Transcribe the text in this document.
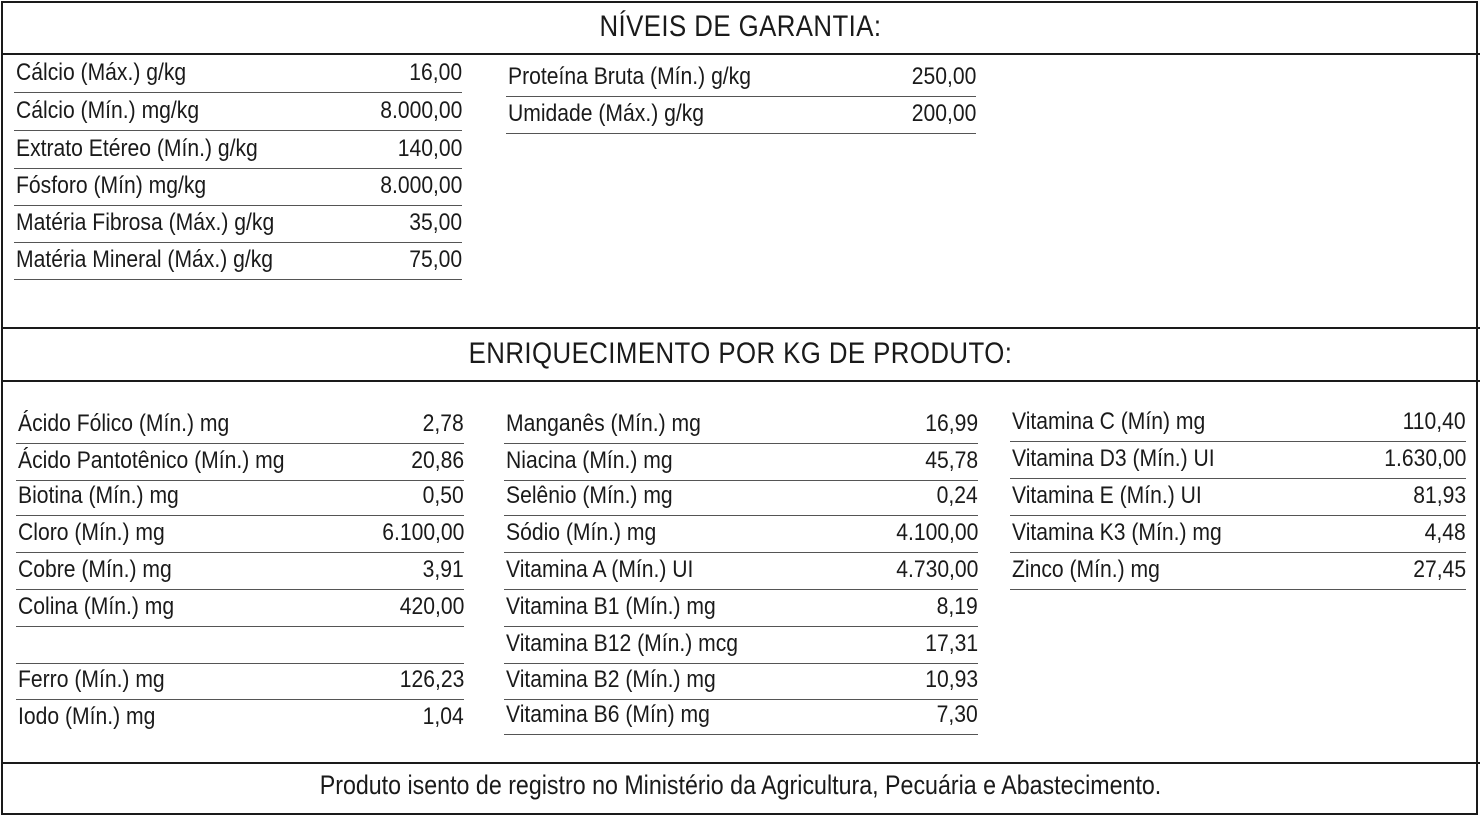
NÍVEIS DE GARANTIA:
Cálcio (Máx.) g/kg	16,00
Cálcio (Mín.) mg/kg	8.000,00
Extrato Etéreo (Mín.) g/kg	140,00
Fósforo (Mín) mg/kg	8.000,00
Matéria Fibrosa (Máx.) g/kg	35,00
Matéria Mineral (Máx.) g/kg	75,00
Proteína Bruta (Mín.) g/kg	250,00
Umidade (Máx.) g/kg	200,00
ENRIQUECIMENTO POR KG DE PRODUTO:
Ácido Fólico (Mín.) mg	2,78
Ácido Pantotênico (Mín.) mg	20,86
Biotina (Mín.) mg	0,50
Cloro (Mín.) mg	6.100,00
Cobre (Mín.) mg	3,91
Colina (Mín.) mg	420,00
Ferro (Mín.) mg	126,23
Iodo (Mín.) mg	1,04
Manganês (Mín.) mg	16,99
Niacina (Mín.) mg	45,78
Selênio (Mín.) mg	0,24
Sódio (Mín.) mg	4.100,00
Vitamina A (Mín.) UI	4.730,00
Vitamina B1 (Mín.) mg	8,19
Vitamina B12 (Mín.) mcg	17,31
Vitamina B2 (Mín.) mg	10,93
Vitamina B6 (Mín) mg	7,30
Vitamina C (Mín) mg	110,40
Vitamina D3 (Mín.) UI	1.630,00
Vitamina E (Mín.) UI	81,93
Vitamina K3 (Mín.) mg	4,48
Zinco (Mín.) mg	27,45
Produto isento de registro no Ministério da Agricultura, Pecuária e Abastecimento.
